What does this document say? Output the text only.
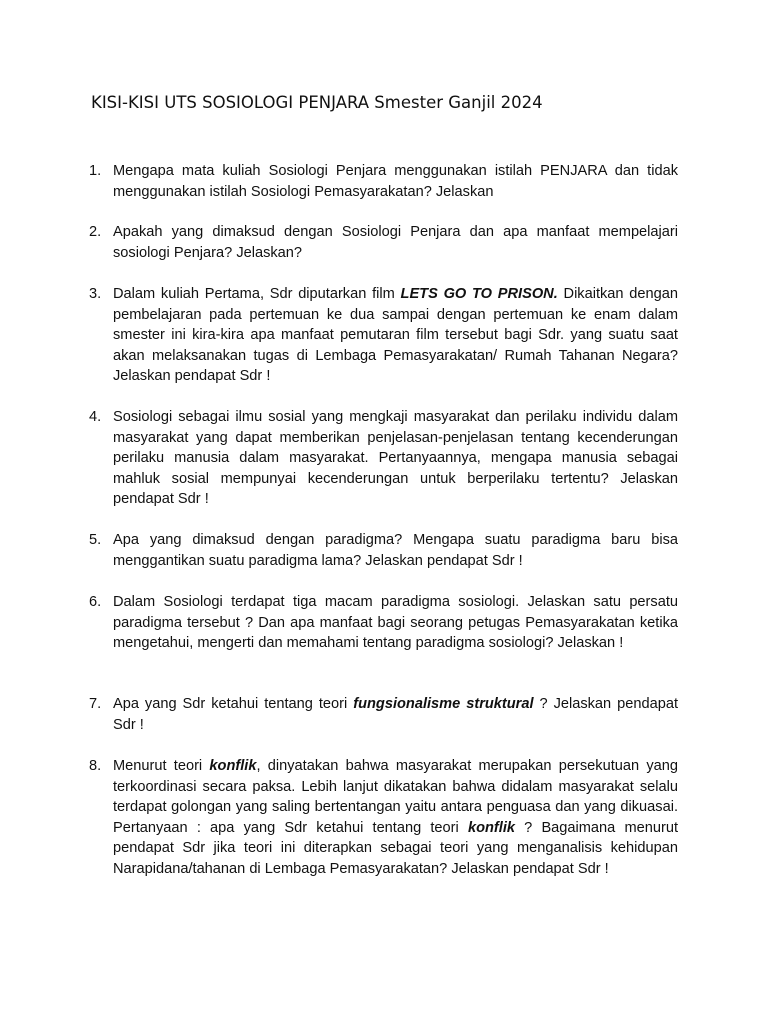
KISI-KISI UTS SOSIOLOGI PENJARA Smester Ganjil 2024
1. Mengapa mata kuliah Sosiologi Penjara menggunakan istilah PENJARA dan tidak menggunakan istilah Sosiologi Pemasyarakatan? Jelaskan

2. Apakah yang dimaksud dengan Sosiologi Penjara dan apa manfaat mempelajari sosiologi Penjara? Jelaskan?

3. Dalam kuliah Pertama, Sdr diputarkan film LETS GO TO PRISON. Dikaitkan dengan pembelajaran pada pertemuan ke dua sampai dengan pertemuan ke enam dalam smester ini kira-kira apa manfaat pemutaran film tersebut bagi Sdr. yang suatu saat akan melaksanakan tugas di Lembaga Pemasyarakatan/ Rumah Tahanan Negara? Jelaskan pendapat Sdr !

4. Sosiologi sebagai ilmu sosial yang mengkaji masyarakat dan perilaku individu dalam masyarakat yang dapat memberikan penjelasan-penjelasan tentang kecenderungan perilaku manusia dalam masyarakat. Pertanyaannya, mengapa manusia sebagai mahluk sosial mempunyai kecenderungan untuk berperilaku tertentu? Jelaskan pendapat Sdr !

5. Apa yang dimaksud dengan paradigma? Mengapa suatu paradigma baru bisa menggantikan suatu paradigma lama? Jelaskan pendapat Sdr !

6. Dalam Sosiologi terdapat tiga macam paradigma sosiologi. Jelaskan satu persatu paradigma tersebut ? Dan apa manfaat bagi seorang petugas Pemasyarakatan ketika mengetahui, mengerti dan memahami tentang paradigma sosiologi? Jelaskan !

7. Apa yang Sdr ketahui tentang teori fungsionalisme struktural ? Jelaskan pendapat Sdr !

8. Menurut teori konflik, dinyatakan bahwa masyarakat merupakan persekutuan yang terkoordinasi secara paksa. Lebih lanjut dikatakan bahwa didalam masyarakat selalu terdapat golongan yang saling bertentangan yaitu antara penguasa dan yang dikuasai. Pertanyaan : apa yang Sdr ketahui tentang teori konflik ? Bagaimana menurut pendapat Sdr jika teori ini diterapkan sebagai teori yang menganalisis kehidupan Narapidana/tahanan di Lembaga Pemasyarakatan? Jelaskan pendapat Sdr !
